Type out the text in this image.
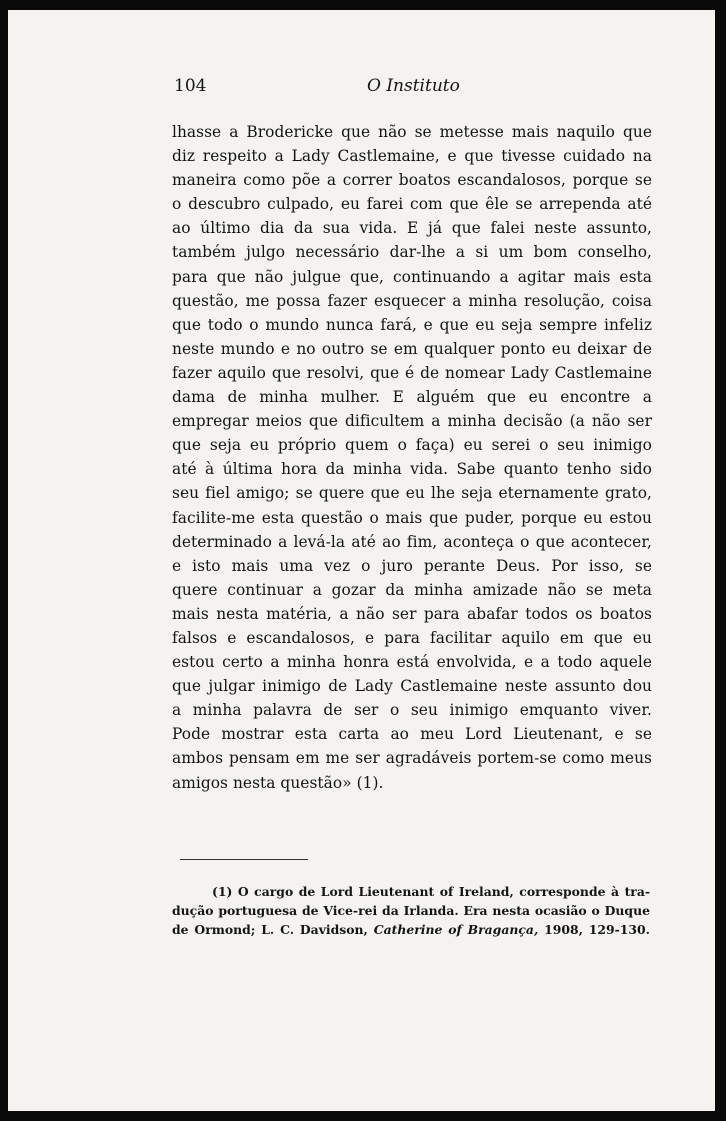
104	O Instituto
lhasse a Brodericke que não se metesse mais naquilo que
diz respeito a Lady Castlemaine, e que tivesse cuidado na
maneira como põe a correr boatos escandalosos, porque se
o descubro culpado, eu farei com que êle se arrependa até
ao último dia da sua vida. E já que falei neste assunto,
também julgo necessário dar-lhe a si um bom conselho,
para que não julgue que, continuando a agitar mais esta
questão, me possa fazer esquecer a minha resolução, coisa
que todo o mundo nunca fará, e que eu seja sempre infeliz
neste mundo e no outro se em qualquer ponto eu deixar de
fazer aquilo que resolvi, que é de nomear Lady Castlemaine
dama de minha mulher. E alguém que eu encontre a
empregar meios que dificultem a minha decisão (a não ser
que seja eu próprio quem o faça) eu serei o seu inimigo
até à última hora da minha vida. Sabe quanto tenho sido
seu fiel amigo; se quere que eu lhe seja eternamente grato,
facilite-me esta questão o mais que puder, porque eu estou
determinado a levá-la até ao fim, aconteça o que acontecer,
e isto mais uma vez o juro perante Deus. Por isso, se
quere continuar a gozar da minha amizade não se meta
mais nesta matéria, a não ser para abafar todos os boatos
falsos e escandalosos, e para facilitar aquilo em que eu
estou certo a minha honra está envolvida, e a todo aquele
que julgar inimigo de Lady Castlemaine neste assunto dou
a minha palavra de ser o seu inimigo emquanto viver.
Pode mostrar esta carta ao meu Lord Lieutenant, e se
ambos pensam em me ser agradáveis portem-se como meus
amigos nesta questão» (1).
(1) O cargo de Lord Lieutenant of Ireland, corresponde à tra-
dução portuguesa de Vice-rei da Irlanda. Era nesta ocasião o Duque
de Ormond; L. C. Davidson, Catherine of Bragança, 1908, 129-130.
